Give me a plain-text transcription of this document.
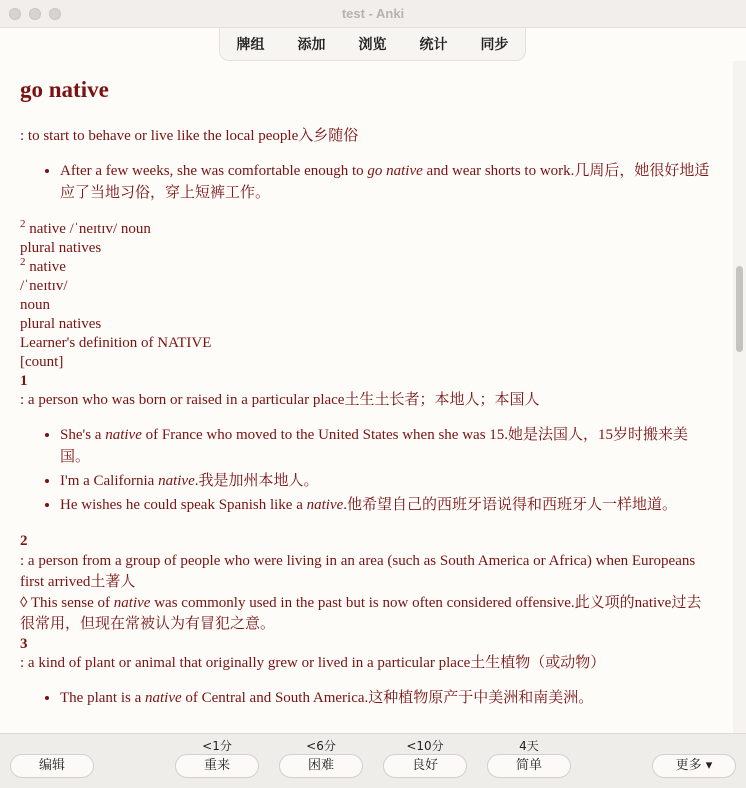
test - Anki
牌组	添加	浏览	统计	同步
go native

: to start to behave or live like the local people入乡随俗

• After a few weeks, she was comfortable enough to go native and wear shorts to work.几周后，她很好地适应了当地习俗，穿上短裤工作。

$^2$ native /ˈneɪtɪv/ noun

plural natives

$^2$ native

/ˈneɪtɪv/

noun

plural natives

Learner's definition of NATIVE

[count]

1

: a person who was born or raised in a particular place土生土长者；本地人；本国人

• She's a native of France who moved to the United States when she was 15.她是法国人，15岁时搬来美国。
• I'm a California native.我是加州本地人。
• He wishes he could speak Spanish like a native.他希望自己的西班牙语说得和西班牙人一样地道。

2

: a person from a group of people who were living in an area (such as South America or Africa) when Europeans first arrived土著人

◊ This sense of native was commonly used in the past but is now often considered offensive.此义项的native过去很常用，但现在常被认为有冒犯之意。

3

: a kind of plant or animal that originally grew or lived in a particular place土生植物（或动物）

• The plant is a native of Central and South America.这种植物原产于中美洲和南美洲。
编辑
<1分
重来
<6分
困难
<10分
良好
4天
简单	更多 ▾
